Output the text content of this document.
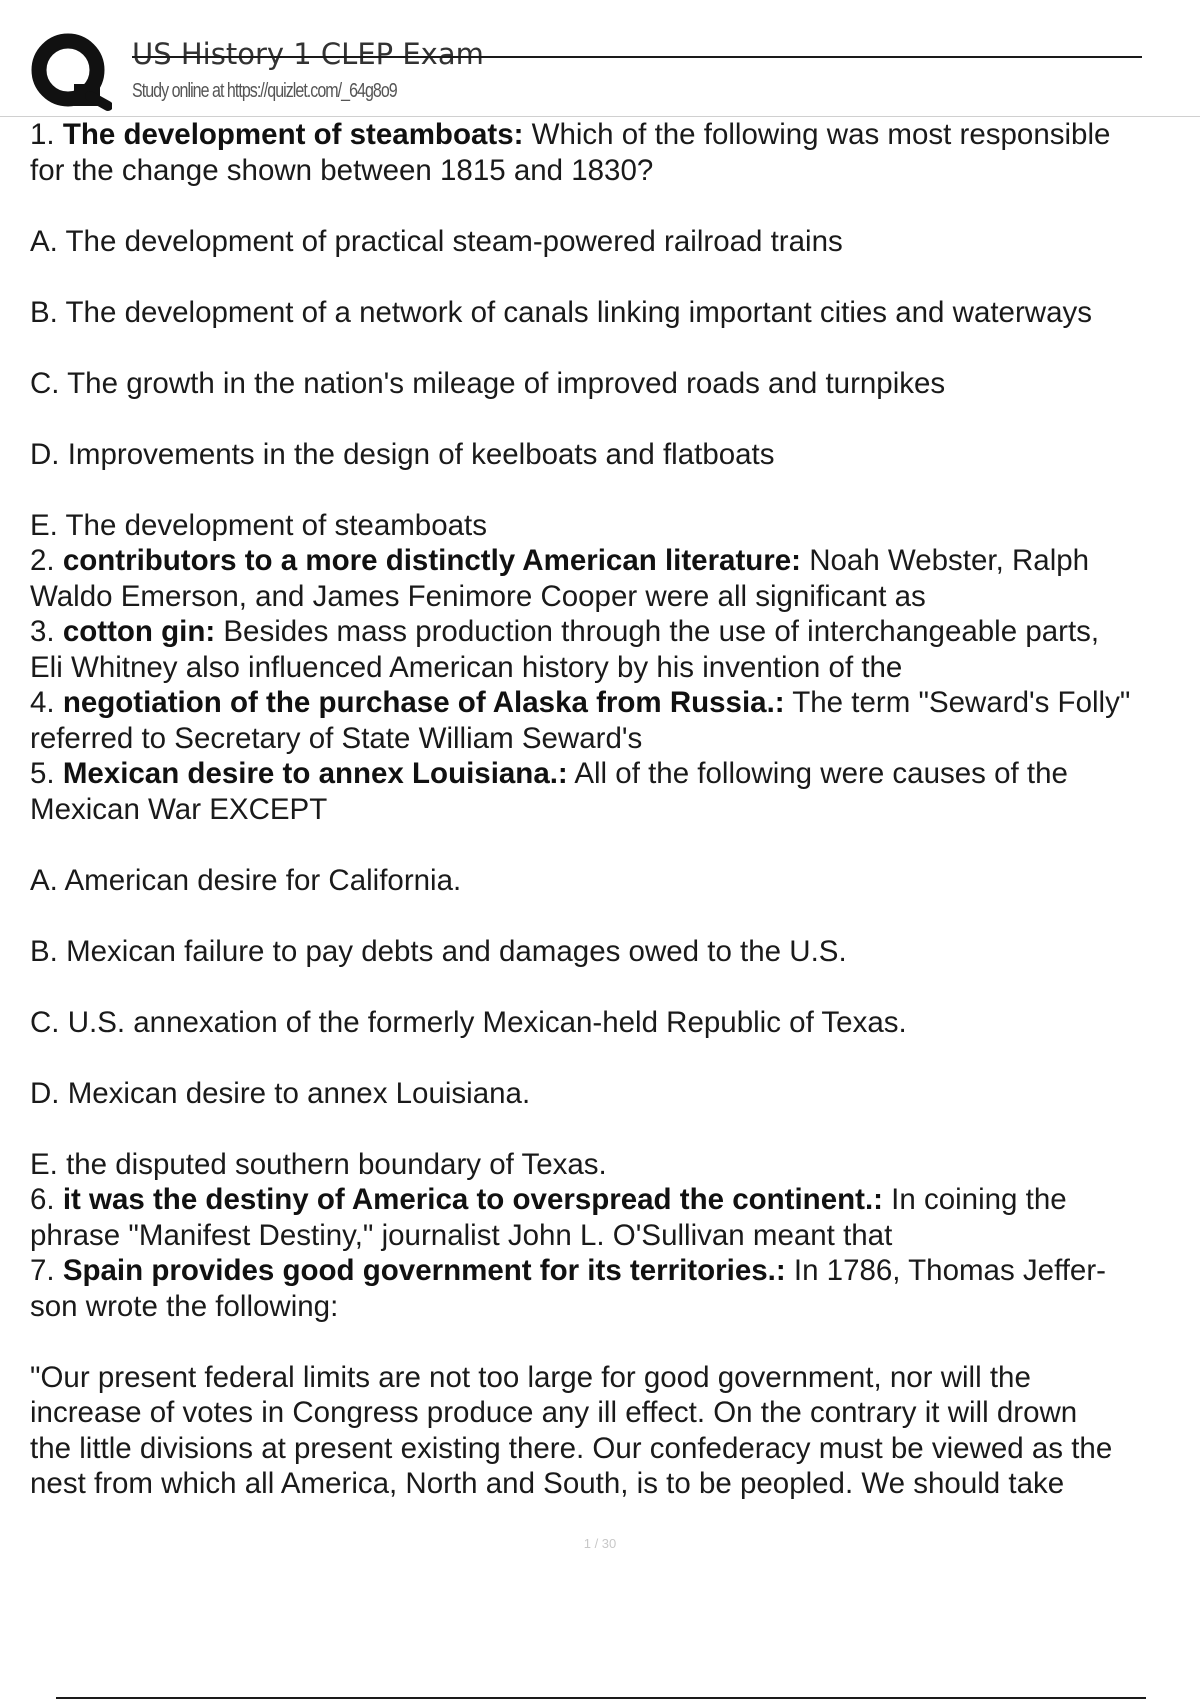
US History 1 CLEP Exam
Study online at https://quizlet.com/_64g8o9

1. The development of steamboats: Which of the following was most responsible

for the change shown between 1815 and 1830?

A. The development of practical steam-powered railroad trains

B. The development of a network of canals linking important cities and waterways

C. The growth in the nation's mileage of improved roads and turnpikes

D. Improvements in the design of keelboats and flatboats

E. The development of steamboats

2. contributors to a more distinctly American literature: Noah Webster, Ralph

Waldo Emerson, and James Fenimore Cooper were all significant as

3. cotton gin: Besides mass production through the use of interchangeable parts,

Eli Whitney also influenced American history by his invention of the

4. negotiation of the purchase of Alaska from Russia.: The term "Seward's Folly"

referred to Secretary of State William Seward's

5. Mexican desire to annex Louisiana.: All of the following were causes of the

Mexican War EXCEPT

A. American desire for California.

B. Mexican failure to pay debts and damages owed to the U.S.

C. U.S. annexation of the formerly Mexican-held Republic of Texas.

D. Mexican desire to annex Louisiana.

E. the disputed southern boundary of Texas.

6. it was the destiny of America to overspread the continent.: In coining the

phrase "Manifest Destiny," journalist John L. O'Sullivan meant that

7. Spain provides good government for its territories.: In 1786, Thomas Jeffer-

son wrote the following:

"Our present federal limits are not too large for good government, nor will the

increase of votes in Congress produce any ill effect. On the contrary it will drown

the little divisions at present existing there. Our confederacy must be viewed as the

nest from which all America, North and South, is to be peopled. We should take

1 / 30
